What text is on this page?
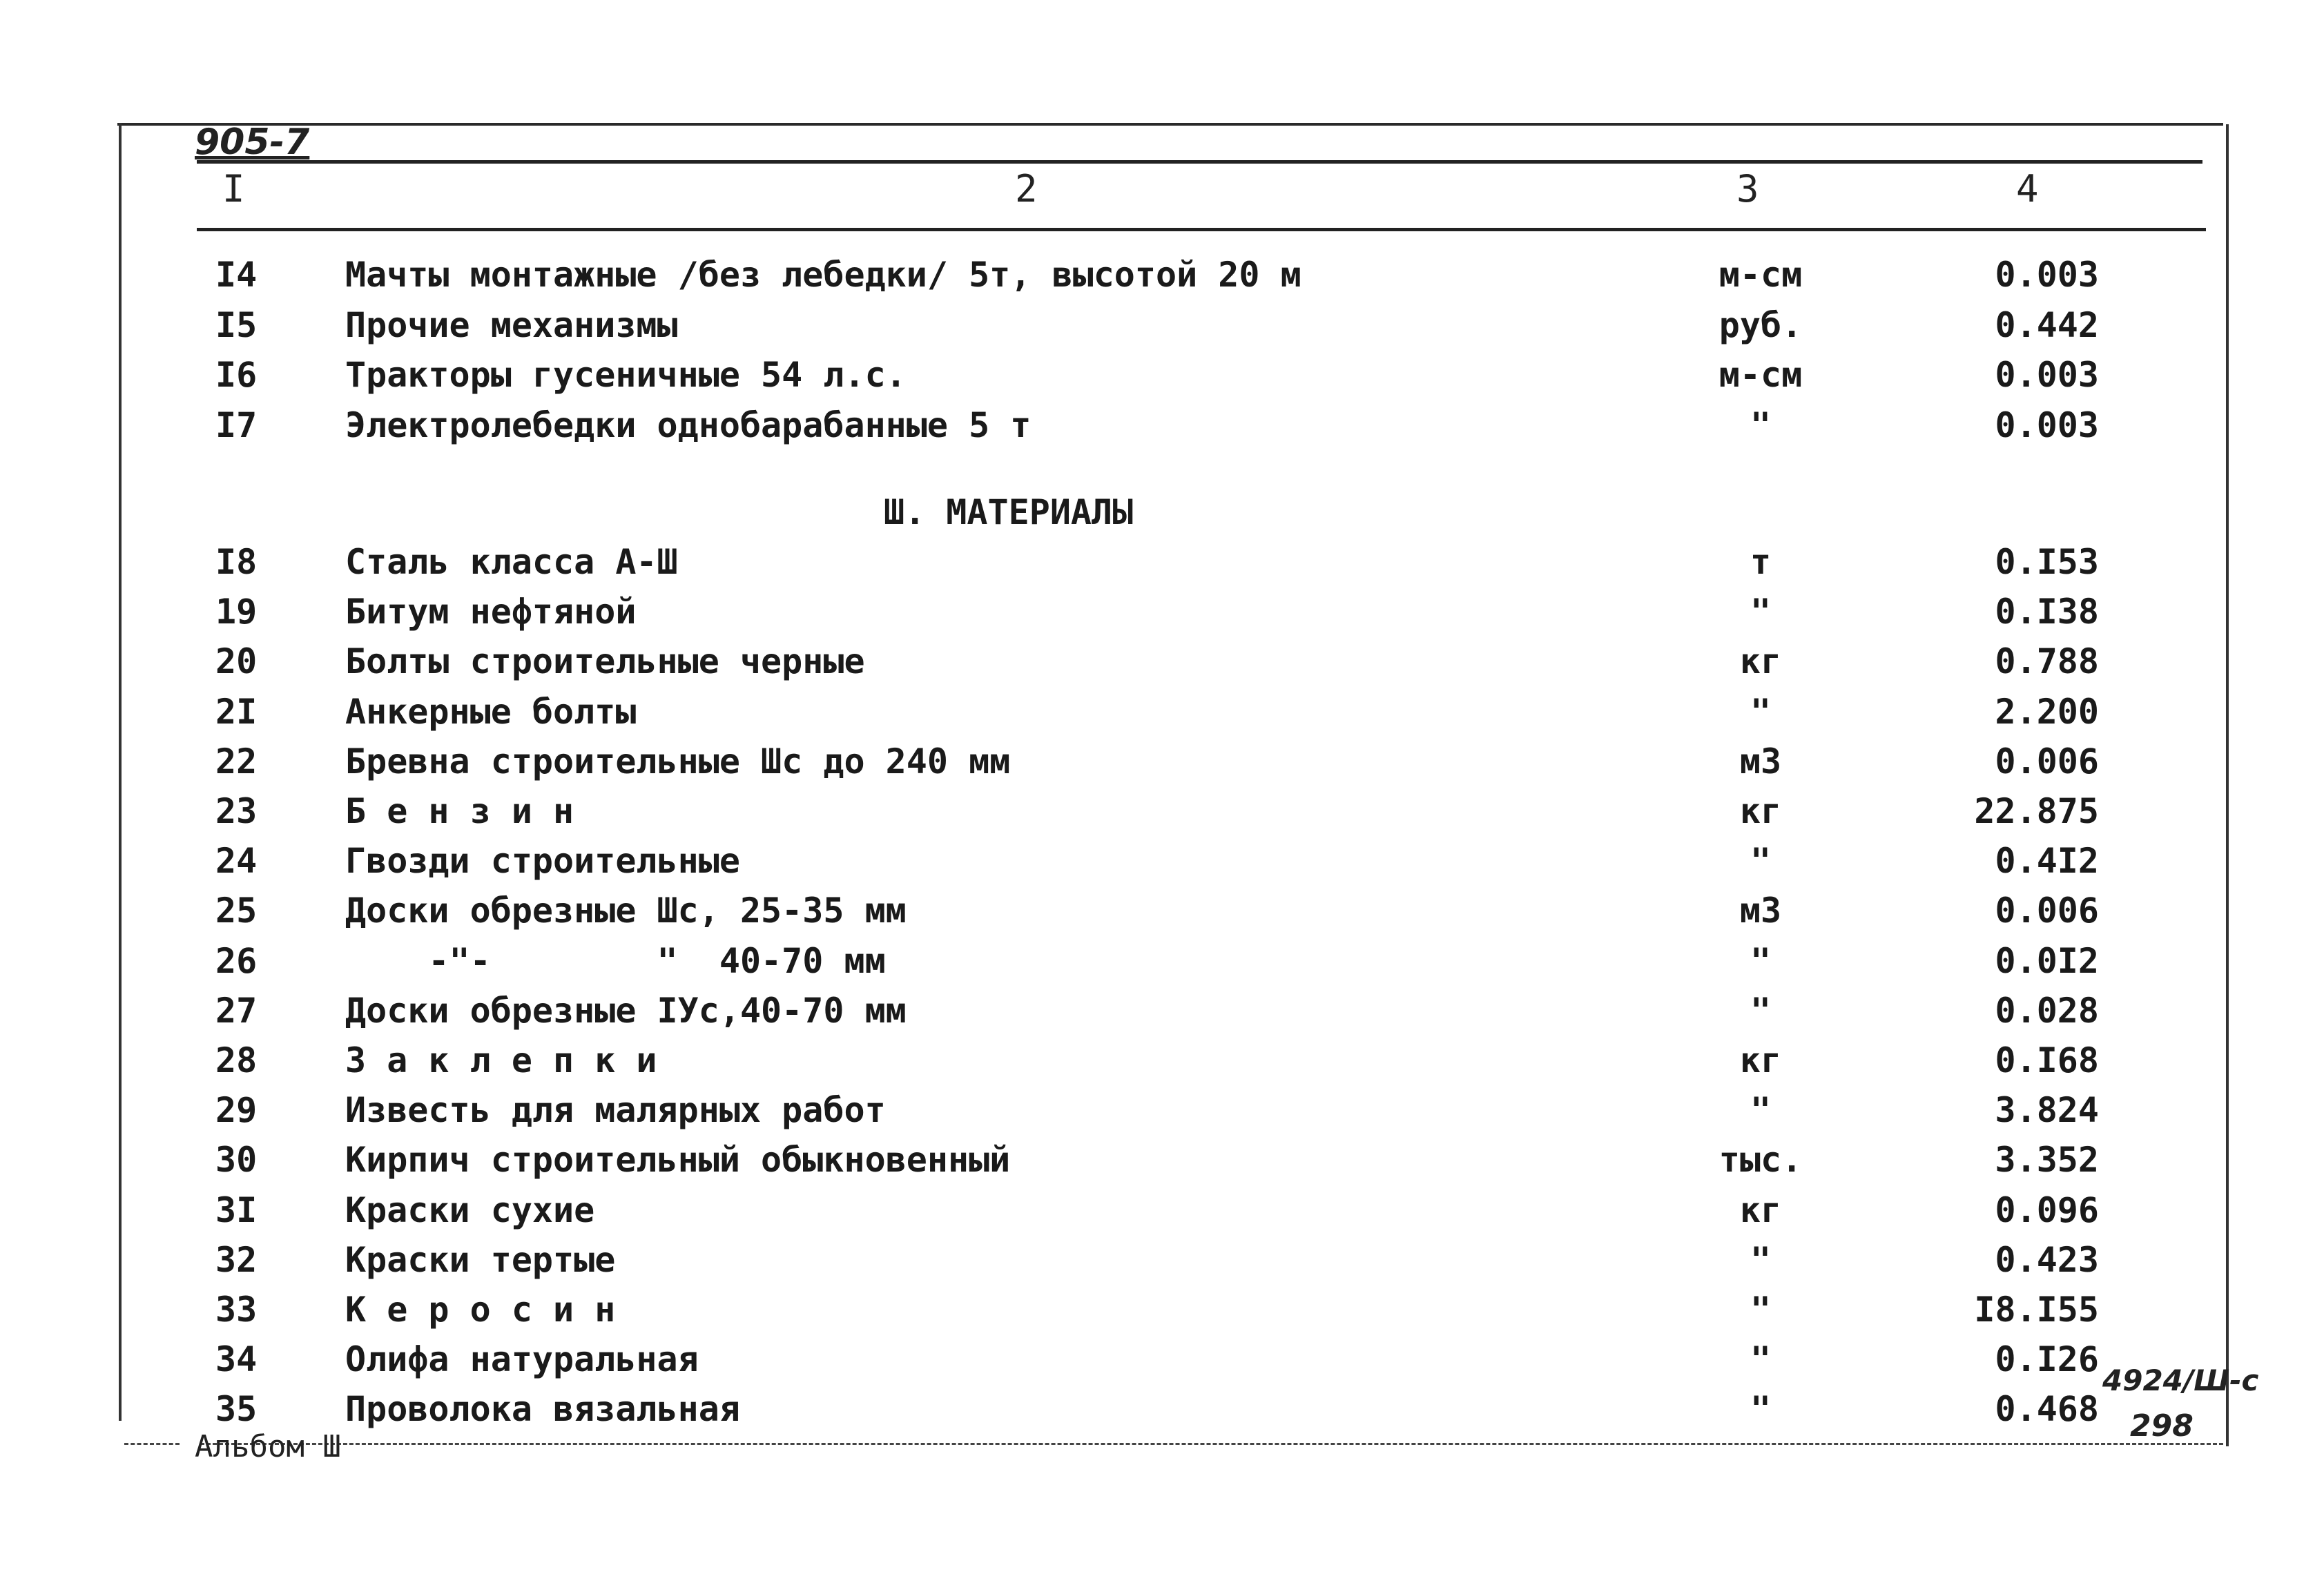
905-7
I	2	3	4
I4	Мачты монтажные /без лебедки/ 5т, высотой 20 м	м-см	0.003
I5	Прочие механизмы	руб.	0.442
I6	Тракторы гусеничные 54 л.с.	м-см	0.003
I7	Электролебедки однобарабанные 5 т	"	0.003
Ш. МАТЕРИАЛЫ
I8	Сталь класса А-Ш	т	0.I53
19	Битум нефтяной	"	0.I38
20	Болты строительные черные	кг	0.788
2I	Анкерные болты	"	2.200
22	Бревна строительные Шс до 240 мм	м3	0.006
23	Б е н з и н	кг	22.875
24	Гвозди строительные	"	0.4I2
25	Доски обрезные Шс, 25-35 мм	м3	0.006
26	-"-        "  40-70 мм	"	0.0I2
27	Доски обрезные IУс,40-70 мм	"	0.028
28	З а к л е п к и	кг	0.I68
29	Известь для малярных работ	"	3.824
30	Кирпич строительный обыкновенный	тыс.	3.352
3I	Краски сухие	кг	0.096
32	Краски тертые	"	0.423
33	К е р о с и н	"	I8.I55
34	Олифа натуральная	"	0.I26
35	Проволока вязальная	"	0.468
Альбом Ш
4924/Ш-с
298
